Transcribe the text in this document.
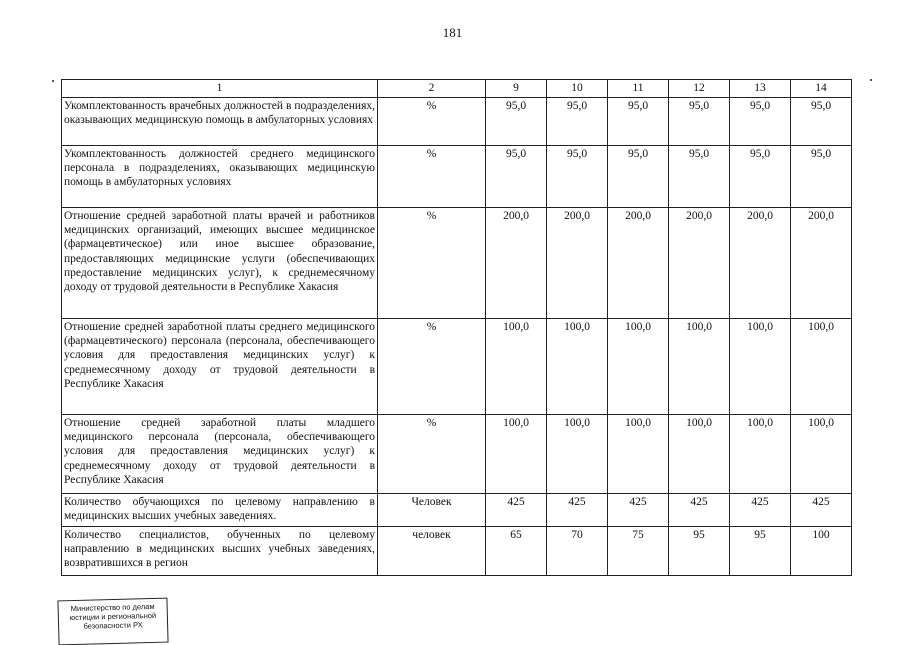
181
1	2	9	10	11	12	13	14
Укомплектованность врачебных должностей в подразделениях, оказывающих медицинскую помощь в амбулаторных условиях	%	95,0	95,0	95,0	95,0	95,0	95,0
Укомплектованность должностей среднего медицинского персонала в подразделениях, оказывающих медицинскую помощь в амбулаторных условиях	%	95,0	95,0	95,0	95,0	95,0	95,0
Отношение средней заработной платы врачей и работников медицинских организаций, имеющих высшее медицинское (фармацевтическое) или иное высшее образование, предоставляющих медицинские услуги (обеспечивающих предоставление медицинских услуг), к среднемесячному доходу от трудовой деятельности в Республике Хакасия	%	200,0	200,0	200,0	200,0	200,0	200,0
Отношение средней заработной платы среднего медицинского (фармацевтического) персонала (персонала, обеспечивающего условия для предоставления медицинских услуг) к среднемесячному доходу от трудовой деятельности в Республике Хакасия	%	100,0	100,0	100,0	100,0	100,0	100,0
Отношение средней заработной платы младшего медицинского персонала (персонала, обеспечивающего условия для предоставления медицинских услуг) к среднемесячному доходу от трудовой деятельности в Республике Хакасия	%	100,0	100,0	100,0	100,0	100,0	100,0
Количество обучающихся по целевому направлению в медицинских высших учебных заведениях.	Человек	425	425	425	425	425	425
Количество специалистов, обученных по целевому направлению в медицинских высших учебных заведениях, возвратившихся в регион	человек	65	70	75	95	95	100
Министерство по делам
юстиции и региональной
безопасности РХ
